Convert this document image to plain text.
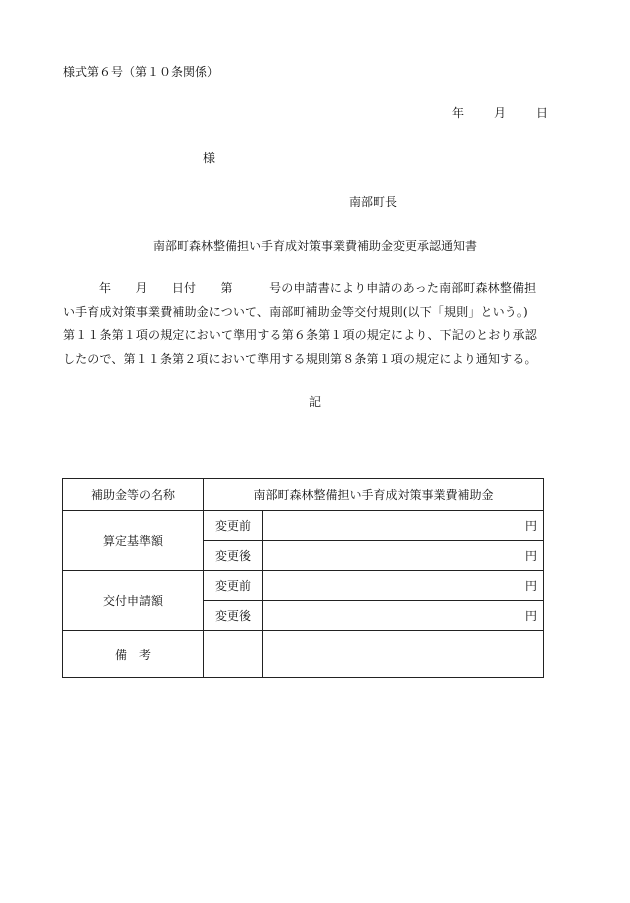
様式第６号（第１０条関係）
年	月	日
様
南部町長
南部町森林整備担い手育成対策事業費補助金変更承認通知書
年　　月　　日付　　第　　　号の申請書により申請のあった南部町森林整備担い手育成対策事業費補助金について、南部町補助金等交付規則(以下「規則」という。)第１１条第１項の規定において準用する第６条第１項の規定により、下記のとおり承認したので、第１１条第２項において準用する規則第８条第１項の規定により通知する。
記
補助金等の名称	南部町森林整備担い手育成対策事業費補助金	
算定基準額	変更前	円
	変更後	円
交付申請額	変更前	円
	変更後	円
備　考		
